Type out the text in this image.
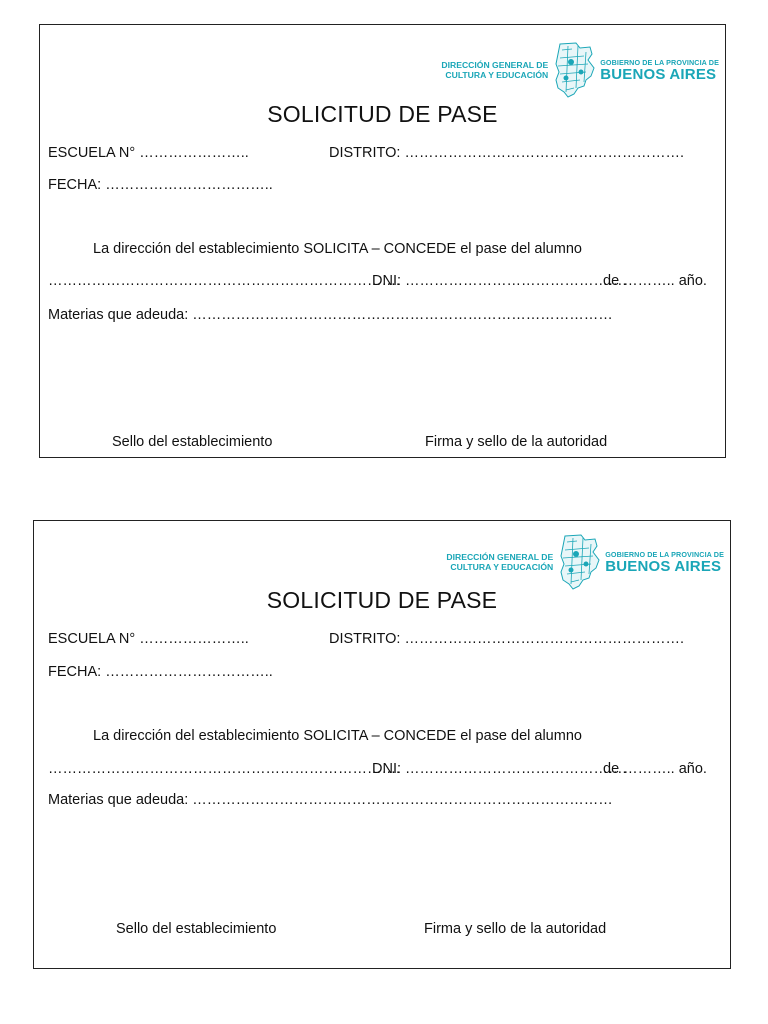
DIRECCIÓN GENERAL DE
CULTURA Y EDUCACIÓN
GOBIERNO DE LA PROVINCIA DE
BUENOS AIRES
SOLICITUD DE PASE
ESCUELA N° …………………..	DISTRITO: ………………………………………………….
FECHA: ……………………………..
La dirección del establecimiento SOLICITA – CONCEDE el pase del alumno
……………………………………………………………….
DNI: ……………………………………….
de ……….. año.
Materias que adeuda: ……………………………………………………………………………
Sello del establecimiento	Firma y sello de la autoridad
DIRECCIÓN GENERAL DE
CULTURA Y EDUCACIÓN
GOBIERNO DE LA PROVINCIA DE
BUENOS AIRES
SOLICITUD DE PASE
ESCUELA N° …………………..	DISTRITO: ………………………………………………….
FECHA: ……………………………..
La dirección del establecimiento SOLICITA – CONCEDE el pase del alumno
……………………………………………………………….
DNI: ……………………………………….
de ……….. año.
Materias que adeuda: ……………………………………………………………………………
Sello del establecimiento	Firma y sello de la autoridad
